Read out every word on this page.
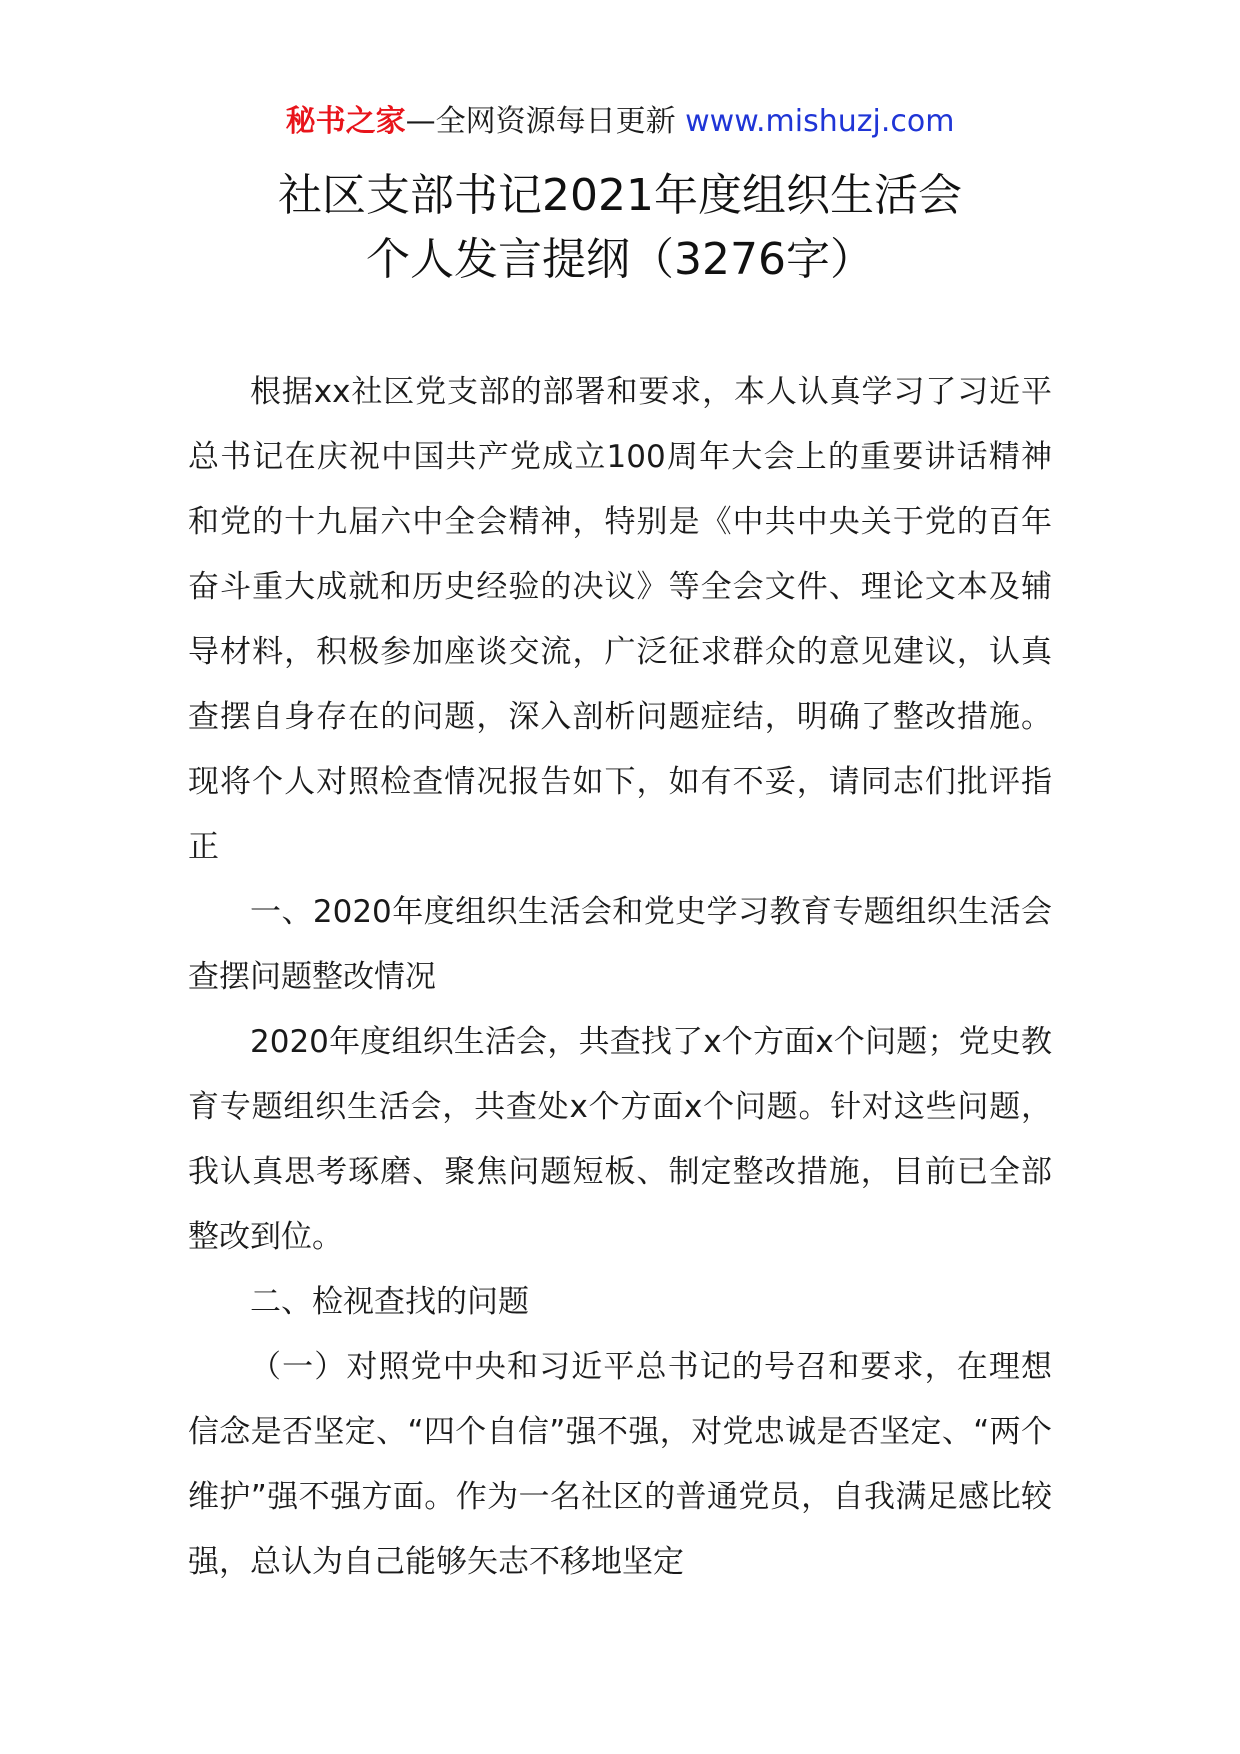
秘书之家—全网资源每日更新 www.mishuzj.com
社区支部书记2021年度组织生活会
个人发言提纲（3276字）

根据xx社区党支部的部署和要求，本人认真学习了习近平总书记在庆祝中国共产党成立100周年大会上的重要讲话精神和党的十九届六中全会精神，特别是《中共中央关于党的百年奋斗重大成就和历史经验的决议》等全会文件、理论文本及辅导材料，积极参加座谈交流，广泛征求群众的意见建议，认真查摆自身存在的问题，深入剖析问题症结，明确了整改措施。现将个人对照检查情况报告如下，如有不妥，请同志们批评指正

一、2020年度组织生活会和党史学习教育专题组织生活会查摆问题整改情况

2020年度组织生活会，共查找了x个方面x个问题；党史教育专题组织生活会，共查处x个方面x个问题。针对这些问题，我认真思考琢磨、聚焦问题短板、制定整改措施，目前已全部整改到位。

二、检视查找的问题

（一）对照党中央和习近平总书记的号召和要求，在理想信念是否坚定、“四个自信”强不强，对党忠诚是否坚定、“两个维护”强不强方面。作为一名社区的普通党员，自我满足感比较强，总认为自己能够矢志不移地坚定
